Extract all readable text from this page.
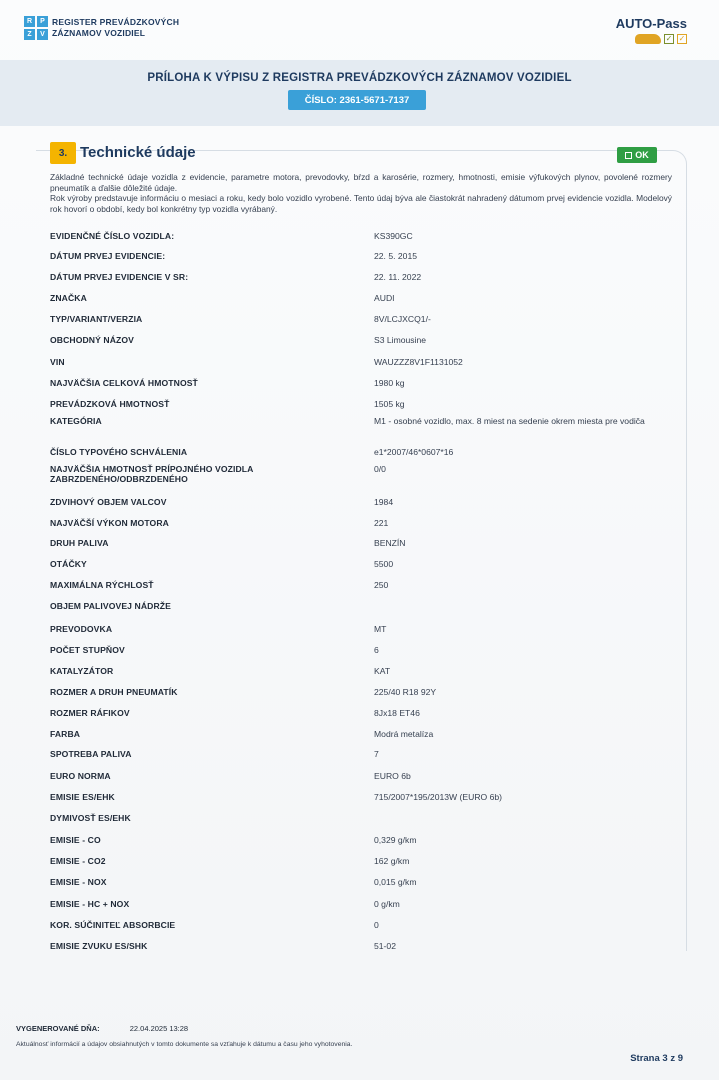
R	P
Z	V
REGISTER PREVÁDZKOVÝCH
ZÁZNAMOV VOZIDIEL
AUTO-Pass
✓ ✓
PRÍLOHA K VÝPISU Z REGISTRA PREVÁDZKOVÝCH ZÁZNAMOV VOZIDIEL
ČÍSLO: 2361-5671-7137
3. Technické údaje	OK

Základné technické údaje vozidla z evidencie, parametre motora, prevodovky, bŕzd a karosérie, rozmery, hmotnosti, emisie výfukových plynov, povolené rozmery pneumatík a ďalšie dôležité údaje.

Rok výroby predstavuje informáciu o mesiaci a roku, kedy bolo vozidlo vyrobené. Tento údaj býva ale čiastokrát nahradený dátumom prvej evidencie vozidla. Modelový rok hovorí o období, kedy bol konkrétny typ vozidla vyrábaný.

EVIDENČNÉ ČÍSLO VOZIDLA:	KS390GC
DÁTUM PRVEJ EVIDENCIE:	22. 5. 2015
DÁTUM PRVEJ EVIDENCIE V SR:	22. 11. 2022
ZNAČKA	AUDI
TYP/VARIANT/VERZIA	8V/LCJXCQ1/-
OBCHODNÝ NÁZOV	S3 Limousine
VIN	WAUZZZ8V1F1131052
NAJVÄČŠIA CELKOVÁ HMOTNOSŤ	1980 kg
PREVÁDZKOVÁ HMOTNOSŤ	1505 kg
KATEGÓRIA	M1 - osobné vozidlo, max. 8 miest na sedenie okrem miesta pre vodiča
ČÍSLO TYPOVÉHO SCHVÁLENIA	e1*2007/46*0607*16
NAJVÄČŠIA HMOTNOSŤ PRÍPOJNÉHO VOZIDLA ZABRZDENÉHO/ODBRZDENÉHO
0/0
ZDVIHOVÝ OBJEM VALCOV	1984
NAJVÄČŠÍ VÝKON MOTORA	221
DRUH PALIVA	BENZÍN
OTÁČKY	5500
MAXIMÁLNA RÝCHLOSŤ	250
OBJEM PALIVOVEJ NÁDRŽE
PREVODOVKA	MT
POČET STUPŇOV	6
KATALYZÁTOR	KAT
ROZMER A DRUH PNEUMATÍK	225/40 R18 92Y
ROZMER RÁFIKOV	8Jx18 ET46
FARBA	Modrá metalíza
SPOTREBA PALIVA	7
EURO NORMA	EURO 6b
EMISIE ES/EHK	715/2007*195/2013W (EURO 6b)
DYMIVOSŤ ES/EHK
EMISIE - CO	0,329 g/km
EMISIE - CO2	162 g/km
EMISIE - NOX	0,015 g/km
EMISIE - HC + NOX	0 g/km
KOR. SÚČINITEĽ ABSORBCIE	0
EMISIE ZVUKU ES/SHK	51-02
VYGENEROVANÉ DŇA:	22.04.2025 13:28
Aktuálnosť informácií a údajov obsiahnutých v tomto dokumente sa vzťahuje k dátumu a času jeho vyhotovenia.
Strana 3 z 9
